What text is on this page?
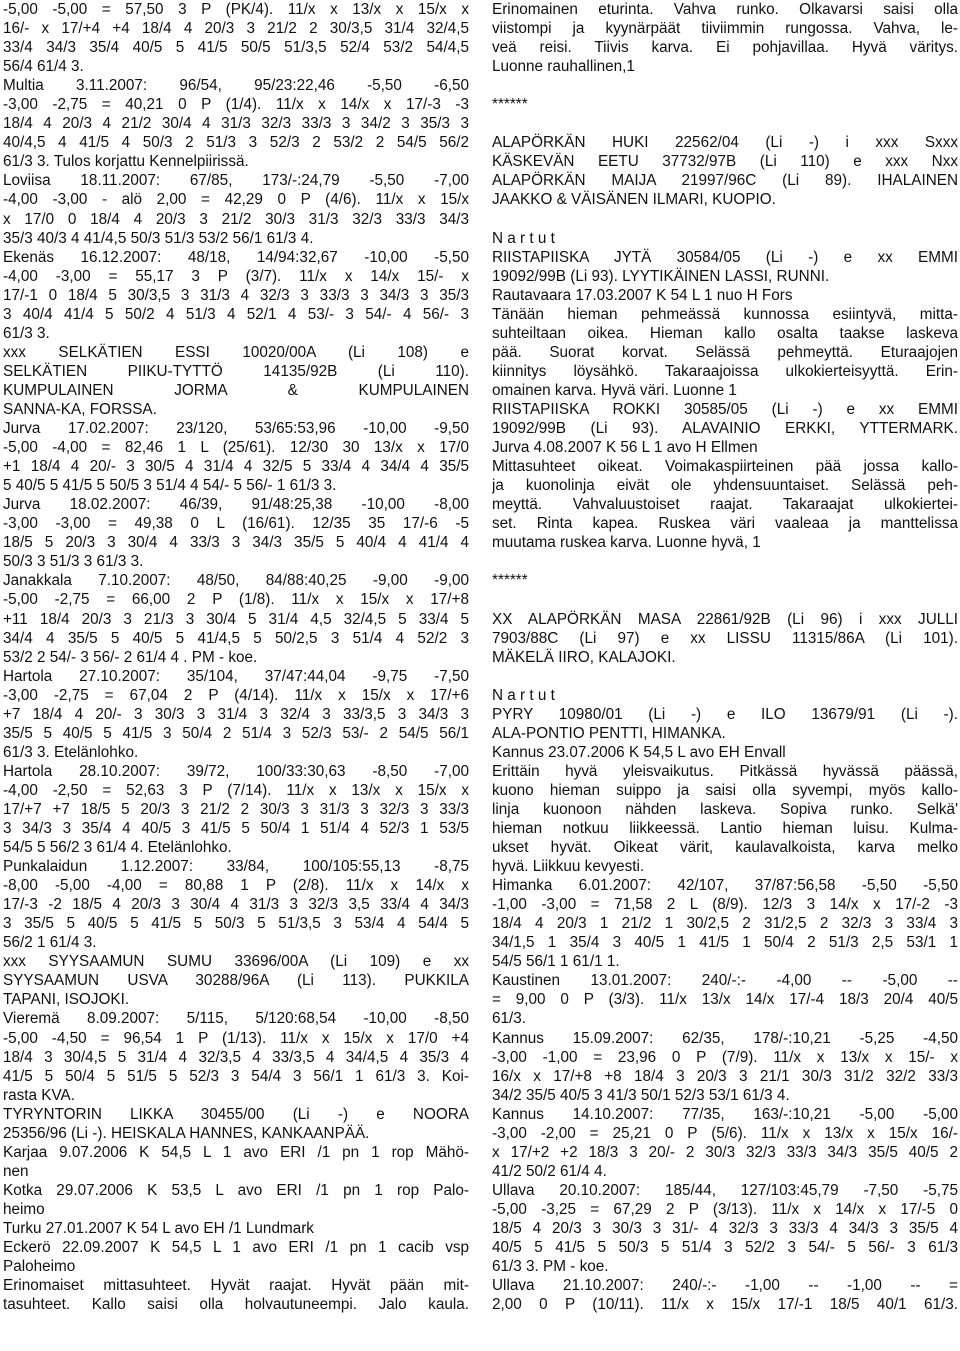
-5,00 -5,00 = 57,50 3 P (PK/4). 11/x x 13/x x 15/x x
16/- x 17/+4 +4 18/4 4 20/3 3 21/2 2 30/3,5 31/4 32/4,5
33/4 34/3 35/4 40/5 5 41/5 50/5 51/3,5 52/4 53/2 54/4,5
56/4 61/4 3.
Multia 3.11.2007: 96/54, 95/23:22,46 -5,50 -6,50
-3,00 -2,75 = 40,21 0 P (1/4). 11/x x 14/x x 17/-3 -3
18/4 4 20/3 4 21/2 30/4 4 31/3 32/3 33/3 3 34/2 3 35/3 3
40/4,5 4 41/5 4 50/3 2 51/3 3 52/3 2 53/2 2 54/5 56/2
61/3 3. Tulos korjattu Kennelpiirissä.
Loviisa 18.11.2007: 67/85, 173/-:24,79 -5,50 -7,00
-4,00 -3,00 - alö 2,00 = 42,29 0 P (4/6). 11/x x 15/x
x 17/0 0 18/4 4 20/3 3 21/2 30/3 31/3 32/3 33/3 34/3
35/3 40/3 4 41/4,5 50/3 51/3 53/2 56/1 61/3 4.
Ekenäs 16.12.2007: 48/18, 14/94:32,67 -10,00 -5,50
-4,00 -3,00 = 55,17 3 P (3/7). 11/x x 14/x 15/- x
17/-1 0 18/4 5 30/3,5 3 31/3 4 32/3 3 33/3 3 34/3 3 35/3
3 40/4 41/4 5 50/2 4 51/3 4 52/1 4 53/- 3 54/- 4 56/- 3
61/3 3.
xxx SELKÄTIEN ESSI 10020/00A (Li 108) e
SELKÄTIEN PIIKU-TYTTÖ 14135/92B (Li 110).
KUMPULAINEN JORMA & KUMPULAINEN
SANNA-KA, FORSSA.
Jurva 17.02.2007: 23/120, 53/65:53,96 -10,00 -9,50
-5,00 -4,00 = 82,46 1 L (25/61). 12/30 30 13/x x 17/0
+1 18/4 4 20/- 3 30/5 4 31/4 4 32/5 5 33/4 4 34/4 4 35/5
5 40/5 5 41/5 5 50/5 3 51/4 4 54/- 5 56/- 1 61/3 3.
Jurva 18.02.2007: 46/39, 91/48:25,38 -10,00 -8,00
-3,00 -3,00 = 49,38 0 L (16/61). 12/35 35 17/-6 -5
18/5 5 20/3 3 30/4 4 33/3 3 34/3 35/5 5 40/4 4 41/4 4
50/3 3 51/3 3 61/3 3.
Janakkala 7.10.2007: 48/50, 84/88:40,25 -9,00 -9,00
-5,00 -2,75 = 66,00 2 P (1/8). 11/x x 15/x x 17/+8
+11 18/4 20/3 3 21/3 3 30/4 5 31/4 4,5 32/4,5 5 33/4 5
34/4 4 35/5 5 40/5 5 41/4,5 5 50/2,5 3 51/4 4 52/2 3
53/2 2 54/- 3 56/- 2 61/4 4 . PM - koe.
Hartola 27.10.2007: 35/104, 37/47:44,04 -9,75 -7,50
-3,00 -2,75 = 67,04 2 P (4/14). 11/x x 15/x x 17/+6
+7 18/4 4 20/- 3 30/3 3 31/4 3 32/4 3 33/3,5 3 34/3 3
35/5 5 40/5 5 41/5 3 50/4 2 51/4 3 52/3 53/- 2 54/5 56/1
61/3 3. Etelänlohko.
Hartola 28.10.2007: 39/72, 100/33:30,63 -8,50 -7,00
-4,00 -2,50 = 52,63 3 P (7/14). 11/x x 13/x x 15/x x
17/+7 +7 18/5 5 20/3 3 21/2 2 30/3 3 31/3 3 32/3 3 33/3
3 34/3 3 35/4 4 40/5 3 41/5 5 50/4 1 51/4 4 52/3 1 53/5
54/5 5 56/2 3 61/4 4. Etelänlohko.
Punkalaidun 1.12.2007: 33/84, 100/105:55,13 -8,75
-8,00 -5,00 -4,00 = 80,88 1 P (2/8). 11/x x 14/x x
17/-3 -2 18/5 4 20/3 3 30/4 4 31/3 3 32/3 3,5 33/4 4 34/3
3 35/5 5 40/5 5 41/5 5 50/3 5 51/3,5 3 53/4 4 54/4 5
56/2 1 61/4 3.
xxx SYYSAAMUN SUMU 33696/00A (Li 109) e xx
SYYSAAMUN USVA 30288/96A (Li 113). PUKKILA
TAPANI, ISOJOKI.
Vieremä 8.09.2007: 5/115, 5/120:68,54 -10,00 -8,50
-5,00 -4,50 = 96,54 1 P (1/13). 11/x x 15/x x 17/0 +4
18/4 3 30/4,5 5 31/4 4 32/3,5 4 33/3,5 4 34/4,5 4 35/3 4
41/5 5 50/4 5 51/5 5 52/3 3 54/4 3 56/1 1 61/3 3. Koi-
rasta KVA.
TYRYNTORIN LIKKA 30455/00 (Li -) e NOORA
25356/96 (Li -). HEISKALA HANNES, KANKAANPÄÄ.
Karjaa 9.07.2006 K 54,5 L 1 avo ERI /1 pn 1 rop Mähö-
nen
Kotka 29.07.2006 K 53,5 L avo ERI /1 pn 1 rop Palo-
heimo
Turku 27.01.2007 K 54 L avo EH /1 Lundmark
Eckerö 22.09.2007 K 54,5 L 1 avo ERI /1 pn 1 cacib vsp
Paloheimo
Erinomaiset mittasuhteet. Hyvät raajat. Hyvät pään mit-
tasuhteet. Kallo saisi olla holvautuneempi. Jalo kaula.
Erinomainen eturinta. Vahva runko. Olkavarsi saisi olla
viistompi ja kyynärpäät tiiviimmin rungossa. Vahva, le-
veä reisi. Tiivis karva. Ei pohjavillaa. Hyvä väritys.
Luonne rauhallinen,1
******
ALAPÖRKÄN HUKI 22562/04 (Li -) i xxx Sxxx
KÄSKEVÄN EETU 37732/97B (Li 110) e xxx Nxx
ALAPÖRKÄN MAIJA 21997/96C (Li 89). IHALAINEN
JAAKKO & VÄISÄNEN ILMARI, KUOPIO.
N a r t u t
RIISTAPIISKA JYTÄ 30584/05 (Li -) e xx EMMI
19092/99B (Li 93). LYYTIKÄINEN LASSI, RUNNI.
Rautavaara 17.03.2007 K 54 L 1 nuo H Fors
Tänään hieman pehmeässä kunnossa esiintyvä, mitta-
suhteiltaan oikea. Hieman kallo osalta taakse laskeva
pää. Suorat korvat. Selässä pehmeyttä. Eturaajojen
kiinnitys löysähkö. Takaraajoissa ulkokierteisyyttä. Erin-
omainen karva. Hyvä väri. Luonne 1
RIISTAPIISKA ROKKI 30585/05 (Li -) e xx EMMI
19092/99B (Li 93). ALAVAINIO ERKKI, YTTERMARK.
Jurva 4.08.2007 K 56 L 1 avo H Ellmen
Mittasuhteet oikeat. Voimakaspiirteinen pää jossa kallo-
ja kuonolinja eivät ole yhdensuuntaiset. Selässä peh-
meyttä. Vahvaluustoiset raajat. Takaraajat ulkokiertei-
set. Rinta kapea. Ruskea väri vaaleaa ja manttelissa
muutama ruskea karva. Luonne hyvä, 1
******
XX ALAPÖRKÄN MASA 22861/92B (Li 96) i xxx JULLI
7903/88C (Li 97) e xx LISSU 11315/86A (Li 101).
MÄKELÄ IIRO, KALAJOKI.
N a r t u t
PYRY 10980/01 (Li -) e ILO 13679/91 (Li -).
ALA-PONTIO PENTTI, HIMANKA.
Kannus 23.07.2006 K 54,5 L avo EH Envall
Erittäin hyvä yleisvaikutus. Pitkässä hyvässä päässä,
kuono hieman suippo ja saisi olla syvempi, myös kallo-
linja kuonoon nähden laskeva. Sopiva runko. Selkä'
hieman notkuu liikkeessä. Lantio hieman luisu. Kulma-
ukset hyvät. Oikeat värit, kaulavalkoista, karva melko
hyvä. Liikkuu kevyesti.
Himanka 6.01.2007: 42/107, 37/87:56,58 -5,50 -5,50
-1,00 -3,00 = 71,58 2 L (8/9). 12/3 3 14/x x 17/-2 -3
18/4 4 20/3 1 21/2 1 30/2,5 2 31/2,5 2 32/3 3 33/4 3
34/1,5 1 35/4 3 40/5 1 41/5 1 50/4 2 51/3 2,5 53/1 1
54/5 56/1 1 61/1 1.
Kaustinen 13.01.2007: 240/-:- -4,00 -- -5,00 --
= 9,00 0 P (3/3). 11/x 13/x 14/x 17/-4 18/3 20/4 40/5
61/3.
Kannus 15.09.2007: 62/35, 178/-:10,21 -5,25 -4,50
-3,00 -1,00 = 23,96 0 P (7/9). 11/x x 13/x x 15/- x
16/x x 17/+8 +8 18/4 3 20/3 3 21/1 30/3 31/2 32/2 33/3
34/2 35/5 40/5 3 41/3 50/1 52/3 53/1 61/3 4.
Kannus 14.10.2007: 77/35, 163/-:10,21 -5,00 -5,00
-3,00 -2,00 = 25,21 0 P (5/6). 11/x x 13/x x 15/x 16/-
x 17/+2 +2 18/3 3 20/- 2 30/3 32/3 33/3 34/3 35/5 40/5 2
41/2 50/2 61/4 4.
Ullava 20.10.2007: 185/44, 127/103:45,79 -7,50 -5,75
-5,00 -3,25 = 67,29 2 P (3/13). 11/x x 14/x x 17/-5 0
18/5 4 20/3 3 30/3 3 31/- 4 32/3 3 33/3 4 34/3 3 35/5 4
40/5 5 41/5 5 50/3 5 51/4 3 52/2 3 54/- 5 56/- 3 61/3
61/3 3. PM - koe.
Ullava 21.10.2007: 240/-:- -1,00 -- -1,00 -- =
2,00 0 P (10/11). 11/x x 15/x 17/-1 18/5 40/1 61/3.
